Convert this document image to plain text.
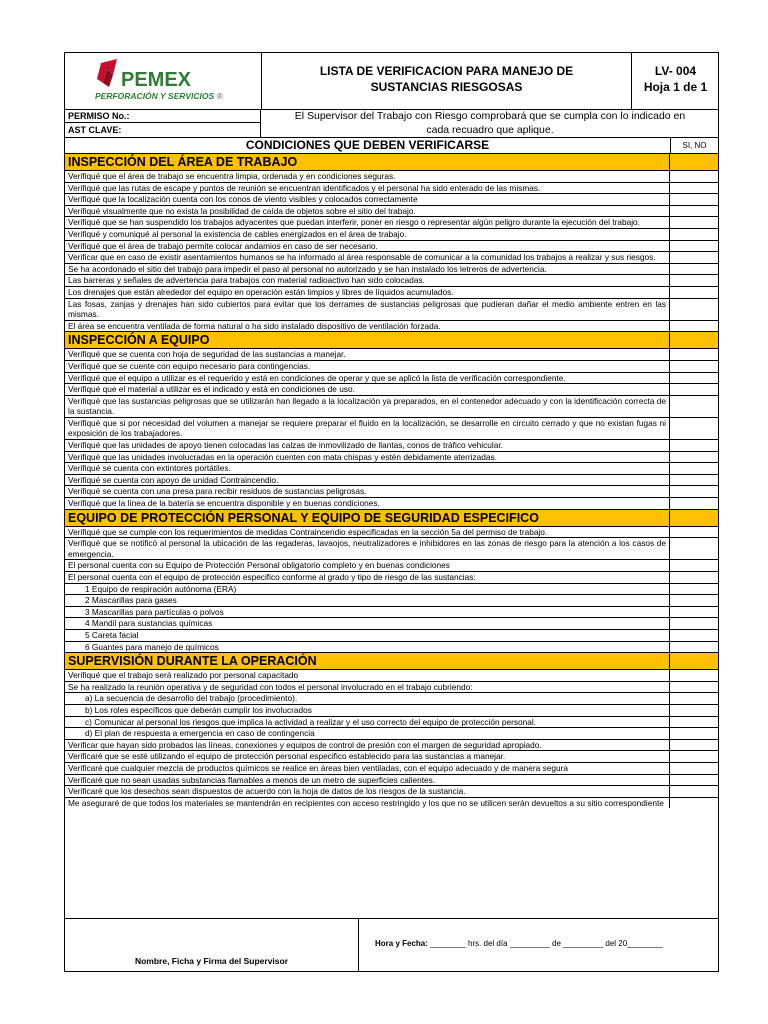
PEMEX
PERFORACIÓN Y SERVICIOS ®
LISTA DE VERIFICACION PARA MANEJO DE
SUSTANCIAS RIESGOSAS
LV- 004
Hoja 1 de 1
PERMISO No.:
AST CLAVE:
El Supervisor del Trabajo con Riesgo comprobará que se cumpla con lo indicado en
cada recuadro que aplique.
CONDICIONES QUE DEBEN VERIFICARSE	SI, NO
INSPECCIÓN DEL ÁREA DE TRABAJO
Verifiqué que el área de trabajo se encuentra limpia, ordenada y en condiciones seguras.
Verifiqué que las rutas de escape y puntos de reunión se encuentran identificados y el personal ha sido enterado de las mismas.
Verifiqué que la localización cuenta con los conos de viento visibles y colocados correctamente
Verifiqué visualmente que no exista la posibilidad de caída de objetos sobre el sitio del trabajo.
Verifiqué que se han suspendido los trabajos adyacentes que puedan interferir, poner en riesgo o representar algún peligro durante la ejecución del trabajo.
Verifiqué y comuniqué al personal la existencia de cables energizados en el área de trabajo.
Verifiqué que el área de trabajo permite colocar andamios en caso de ser necesario.
Verificar que en caso de existir asentamientos humanos se ha informado al área responsable de comunicar a la comunidad los trabajos a realizar y sus riesgos.
Se ha acordonado el sitio del trabajo para impedir el paso al personal no autorizado y se han instalado los letreros de advertencia.
Las barreras y señales de advertencia para trabajos con material radioactivo han sido colocadas.
Los drenajes que están alrededor del equipo en operación están limpios y libres de líquidos acumulados.
Las fosas, zanjas y drenajes han sido cubiertos para evitar que los derrames de sustancias peligrosas que pudieran dañar el medio ambiente entren en las mismas.
El área se encuentra ventilada de forma natural o ha sido instalado dispositivo de ventilación forzada.
INSPECCIÓN A EQUIPO
Verifiqué que se cuenta con hoja de seguridad de las sustancias a manejar.
Verifiqué que se cuente con equipo necesario para contingencias.
Verifiqué que el equipo a utilizar es el requerido y está en condiciones de operar y que se aplicó la lista de verificación correspondiente.
Verifiqué que el material a utilizar es el indicado y está en condiciones de uso.
Verifiqué que las sustancias peligrosas que se utilizarán han llegado a la localización ya preparados, en el contenedor adecuado y con la identificación correcta de la sustancia.
Verifiqué que si por necesidad del volumen a manejar se requiere preparar el fluido en la localización, se desarrolle en circuito cerrado y que no existan fugas ni exposición de los trabajadores.
Verifiqué que las unidades de apoyo tienen colocadas las calzas de inmovilizado de llantas, conos de tráfico vehicular.
Verifiqué que las unidades involucradas en la operación cuenten con mata chispas y estén debidamente aterrizadas.
Verifiqué se cuenta con extintores portátiles.
Verifiqué se cuenta con apoyo de unidad Contraincendio.
Verifiqué se cuenta con una presa para recibir residuos de sustancias peligrosas.
Verifiqué que la línea de la batería se encuentra disponible y en buenas condiciones.
EQUIPO DE PROTECCIÓN PERSONAL Y EQUIPO DE SEGURIDAD ESPECIFICO
Verifiqué que se cumple con los requerimientos de medidas Contraincendio especificadas en la sección 5a del permiso de trabajo.
Verifiqué que se notificó al personal la ubicación de las regaderas, lavaojos, neutralizadores e inhibidores en las zonas de riesgo para la atención a los casos de emergencia.
El personal cuenta con su Equipo de Protección Personal obligatorio completo y en buenas condiciones
El personal cuenta con el equipo de protección especifico conforme al grado y tipo de riesgo de las sustancias:
1 Equipo de respiración autónoma (ERA)
2 Mascarillas para gases
3 Mascarillas para partículas o polvos
4 Mandil para sustancias químicas
5 Careta facial
6 Guantes para manejo de químicos
SUPERVISIÓN DURANTE LA OPERACIÓN
Verifiqué que el trabajo será realizado por personal capacitado
Se ha realizado la reunión operativa y de seguridad con todos el personal involucrado en el trabajo cubriendo:
a) La secuencia de desarrollo del trabajo (procedimiento).
b) Los roles específicos que deberán cumplir los involucrados
c) Comunicar al personal los riesgos que implica la actividad a realizar y el uso correcto del equipo de protección personal.
d) El plan de respuesta a emergencia en caso de contingencia
Verificar que hayan sido probados las líneas, conexiones y equipos de control de presión con el margen de seguridad apropiado.
Verificaré que se esté utilizando el equipo de protección personal especifico establecido para las sustancias a manejar.
Verificaré que cualquier mezcla de productos químicos se realice en áreas bien ventiladas, con el equipo adecuado y de manera segura
Verificaré que no sean usadas substancias flamables a menos de un metro de superficies calientes.
Verificaré que los desechos sean dispuestos de acuerdo con la hoja de datos de los riesgos de la sustancia.
Me aseguraré de que todos los materiales se mantendrán en recipientes con acceso restringido y los que no se utilicen serán devueltos a su sitio correspondiente
Nombre, Ficha y Firma del Supervisor
Hora y Fecha: ________ hrs. del día _________ de _________ del 20________
